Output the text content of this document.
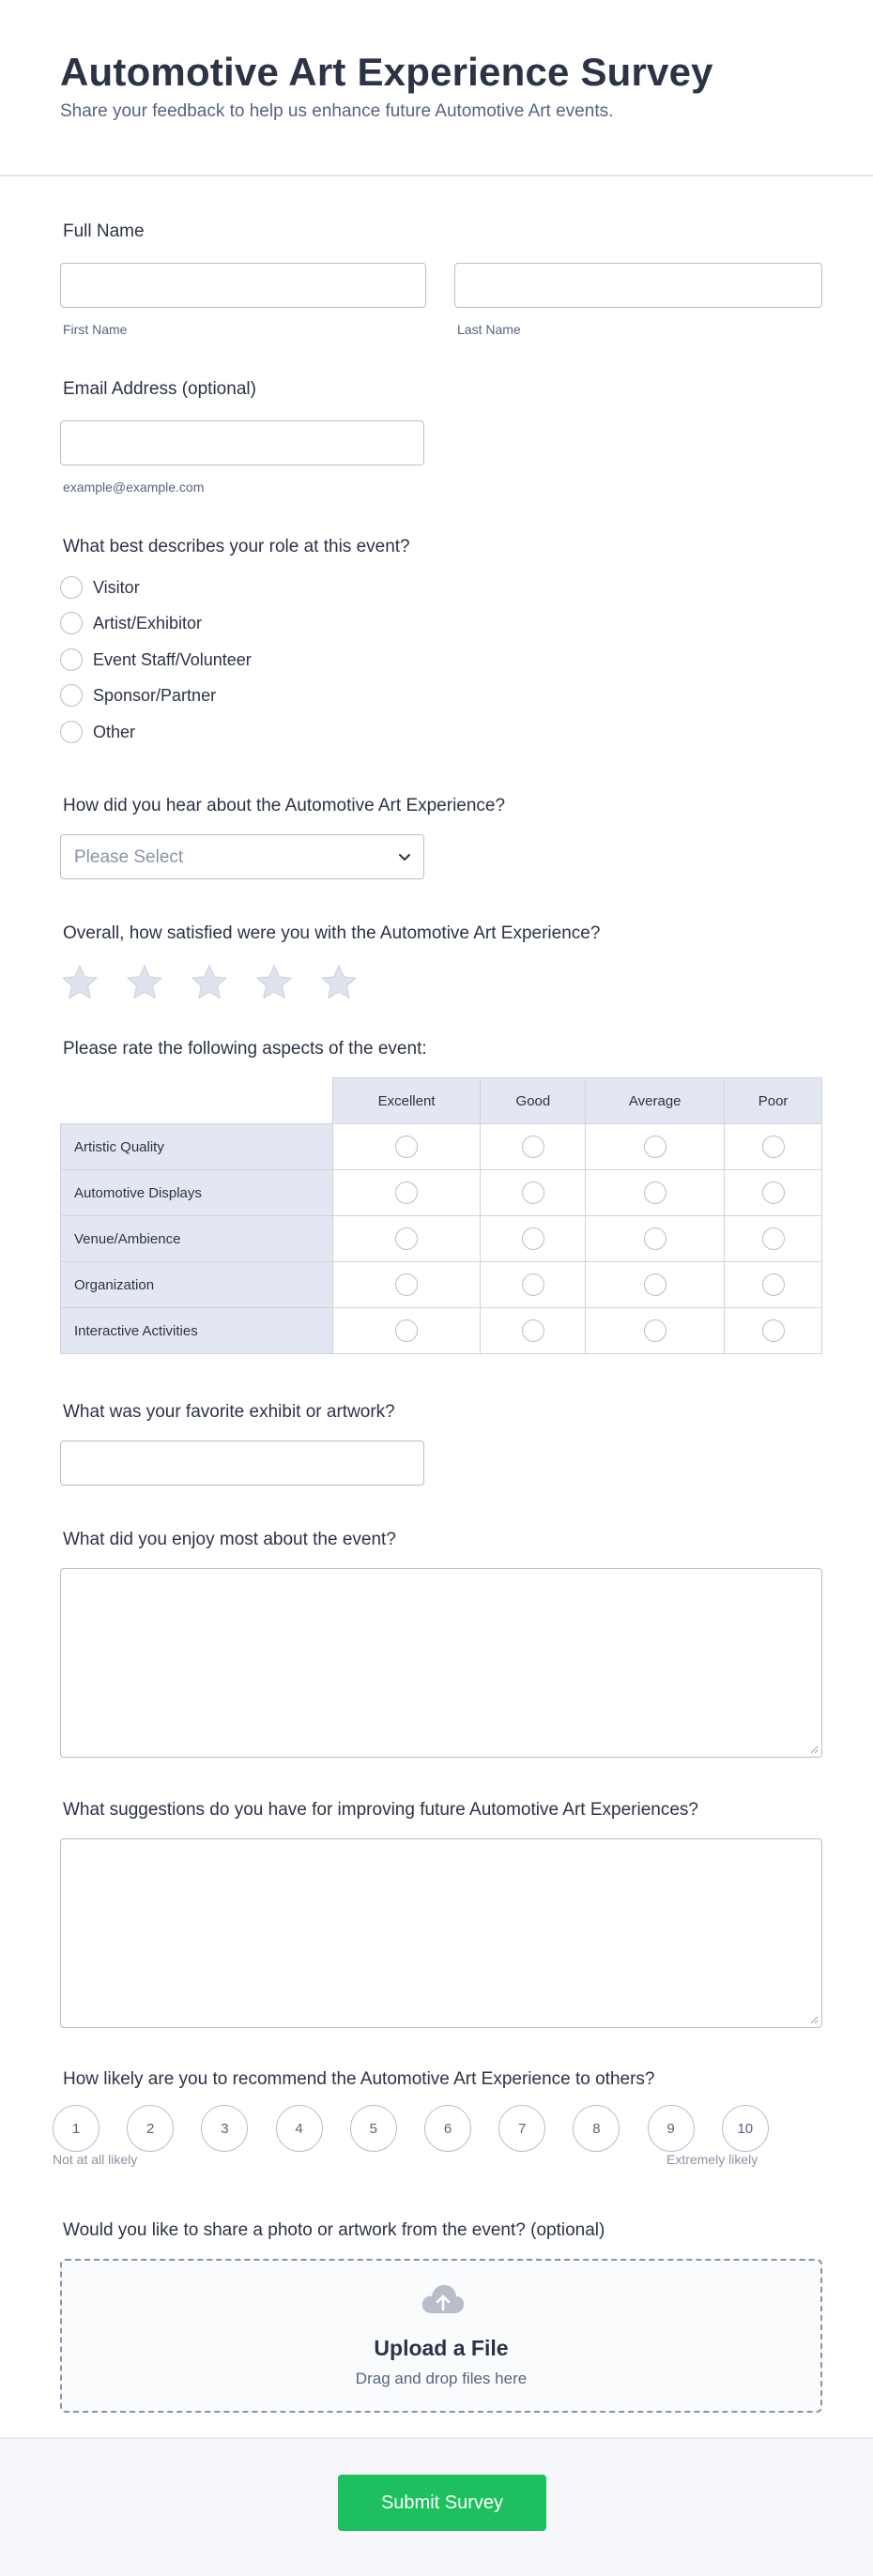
Automotive Art Experience Survey

Share your feedback to help us enhance future Automotive Art events.

Full Name
First Name	Last Name
Email Address (optional)
example@example.com
What best describes your role at this event?
Visitor
Artist/Exhibitor
Event Staff/Volunteer
Sponsor/Partner
Other
How did you hear about the Automotive Art Experience?
Please Select
Overall, how satisfied were you with the Automotive Art Experience?
Please rate the following aspects of the event:
	Excellent	Good	Average	Poor
Artistic Quality				
Automotive Displays				
Venue/Ambience				
Organization				
Interactive Activities				
What was your favorite exhibit or artwork?
What did you enjoy most about the event?
What suggestions do you have for improving future Automotive Art Experiences?
How likely are you to recommend the Automotive Art Experience to others?
1	2	3	4	5	6	7	8	9	10
Not at all likely	Extremely likely
Would you like to share a photo or artwork from the event? (optional)
Upload a File
Drag and drop files here
Submit Survey
